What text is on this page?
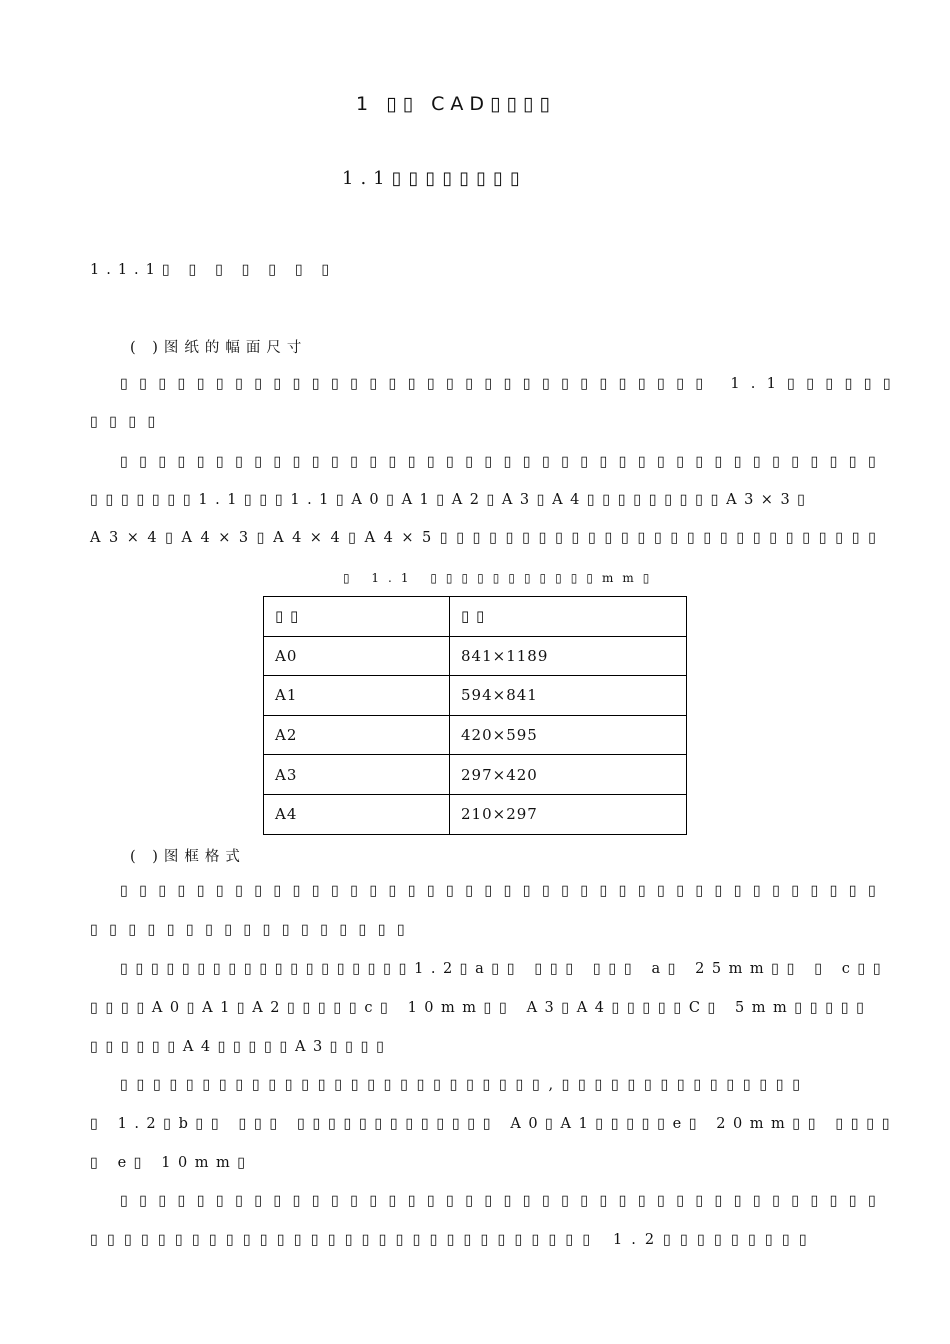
1 ▯▯ CAD▯▯▯▯
1.1▯▯▯▯▯▯▯▯
1.1.1▯ ▯ ▯ ▯ ▯ ▯ ▯
( )图纸的幅面尺寸
▯▯▯▯▯▯▯▯▯▯▯▯▯▯▯▯▯▯▯▯▯▯▯▯▯▯▯▯▯▯▯ 1.1▯▯▯▯▯▯
▯▯▯▯
▯▯▯▯▯▯▯▯▯▯▯▯▯▯▯▯▯▯▯▯▯▯▯▯▯▯▯▯▯▯▯▯▯▯▯▯▯▯▯▯
▯▯▯▯▯▯▯1.1▯▯▯1.1▯A0▯A1▯A2▯A3▯A4▯▯▯▯▯▯▯▯▯A3×3▯
A3×4▯A4×3▯A4×4▯A4×5▯▯▯▯▯▯▯▯▯▯▯▯▯▯▯▯▯▯▯▯▯▯▯▯▯▯▯
▯ 1.1 ▯▯▯▯▯▯▯▯▯▯▯mm▯
▯ ▯	▯ ▯
A0	841×1189
A1	594×841
A2	420×595
A3	297×420
A4	210×297
( )图框格式
▯▯▯▯▯▯▯▯▯▯▯▯▯▯▯▯▯▯▯▯▯▯▯▯▯▯▯▯▯▯▯▯▯▯▯▯▯▯▯▯
▯▯▯▯▯▯▯▯▯▯▯▯▯▯▯▯▯
▯▯▯▯▯▯▯▯▯▯▯▯▯▯▯▯▯▯▯1.2▯a▯▯ ▯▯▯ ▯▯▯ a▯ 25mm▯▯ ▯ c▯▯
▯▯▯▯A0▯A1▯A2▯▯▯▯▯c▯ 10mm▯▯ A3▯A4▯▯▯▯▯C▯ 5mm▯▯▯▯▯
▯▯▯▯▯▯A4▯▯▯▯▯A3▯▯▯▯
▯▯▯▯▯▯▯▯▯▯▯▯▯▯▯▯▯▯▯▯▯▯▯▯▯▯,▯▯▯▯▯▯▯▯▯▯▯▯▯▯▯
▯ 1.2▯b▯▯ ▯▯▯ ▯▯▯▯▯▯▯▯▯▯▯▯▯ A0▯A1▯▯▯▯▯e▯ 20mm▯▯ ▯▯▯▯
▯ e▯ 10mm▯
▯▯▯▯▯▯▯▯▯▯▯▯▯▯▯▯▯▯▯▯▯▯▯▯▯▯▯▯▯▯▯▯▯▯▯▯▯▯▯▯
▯▯▯▯▯▯▯▯▯▯▯▯▯▯▯▯▯▯▯▯▯▯▯▯▯▯▯▯▯▯ 1.2▯▯▯▯▯▯▯▯▯
